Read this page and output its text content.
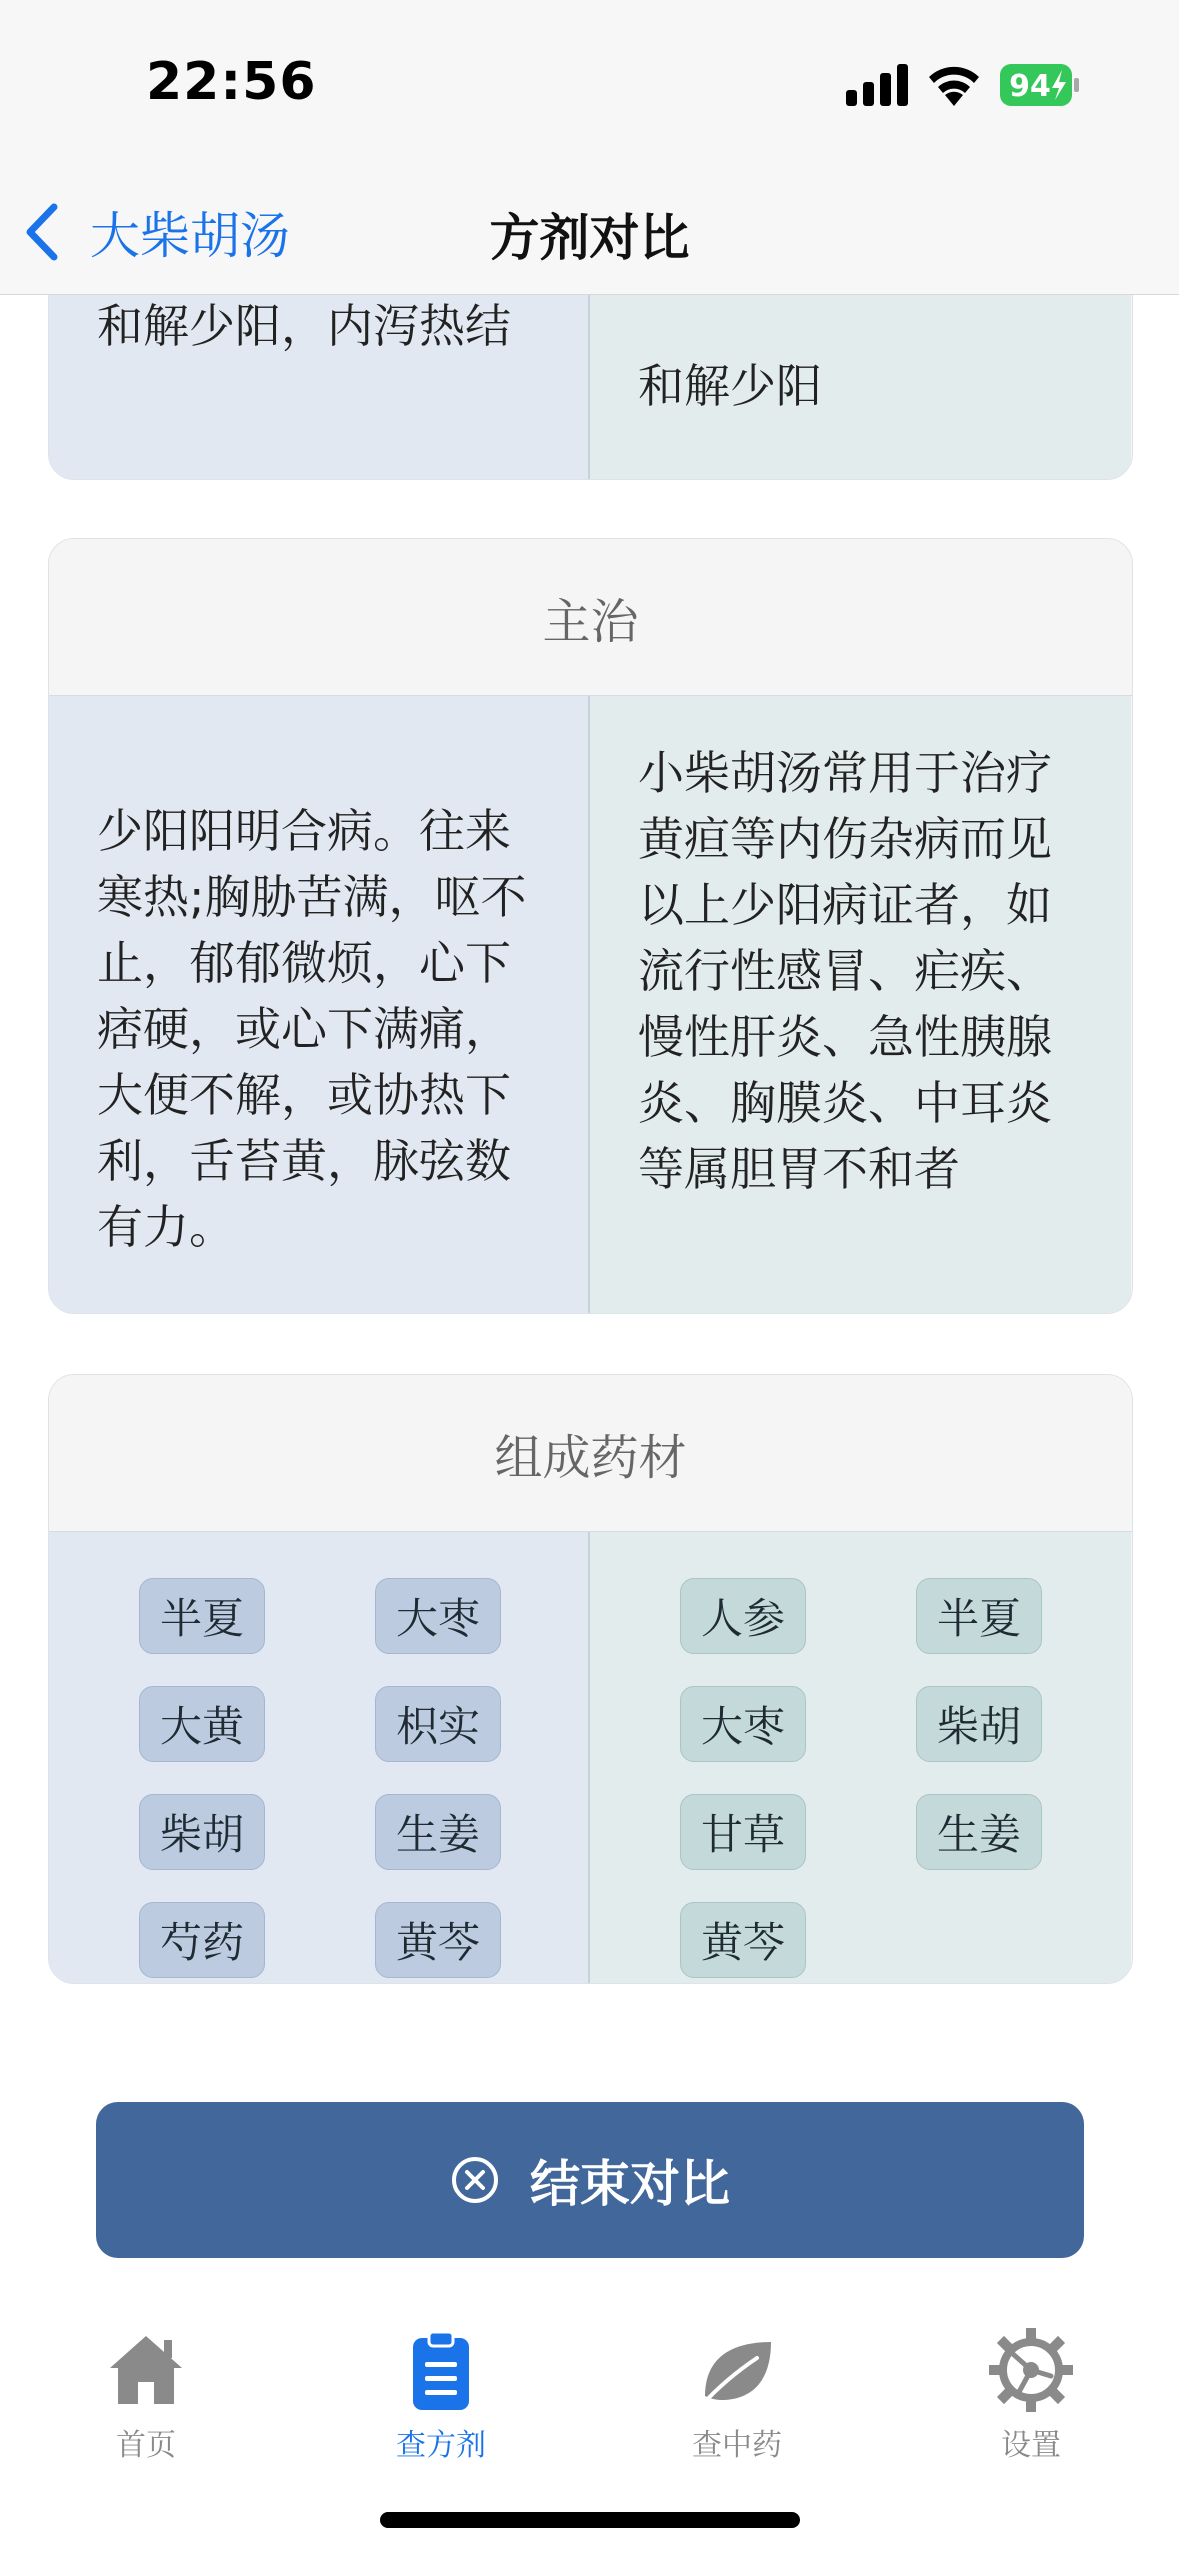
22:56	94
大柴胡汤	方剂对比
和解少阳，内泻热结
和解少阳
主治
少阳阳明合病。往来寒热;胸胁苦满，呕不止，郁郁微烦，心下痞硬，或心下满痛，大便不解，或协热下利，舌苔黄，脉弦数有力。
小柴胡汤常用于治疗黄疸等内伤杂病而见以上少阳病证者，如流行性感冒、疟疾、慢性肝炎、急性胰腺炎、胸膜炎、中耳炎等属胆胃不和者
组成药材
半夏	大枣
大黄	枳实
柴胡	生姜
芍药	黄芩
人参	半夏
大枣	柴胡
甘草	生姜
黄芩
结束对比
首页	查方剂	查中药	设置
